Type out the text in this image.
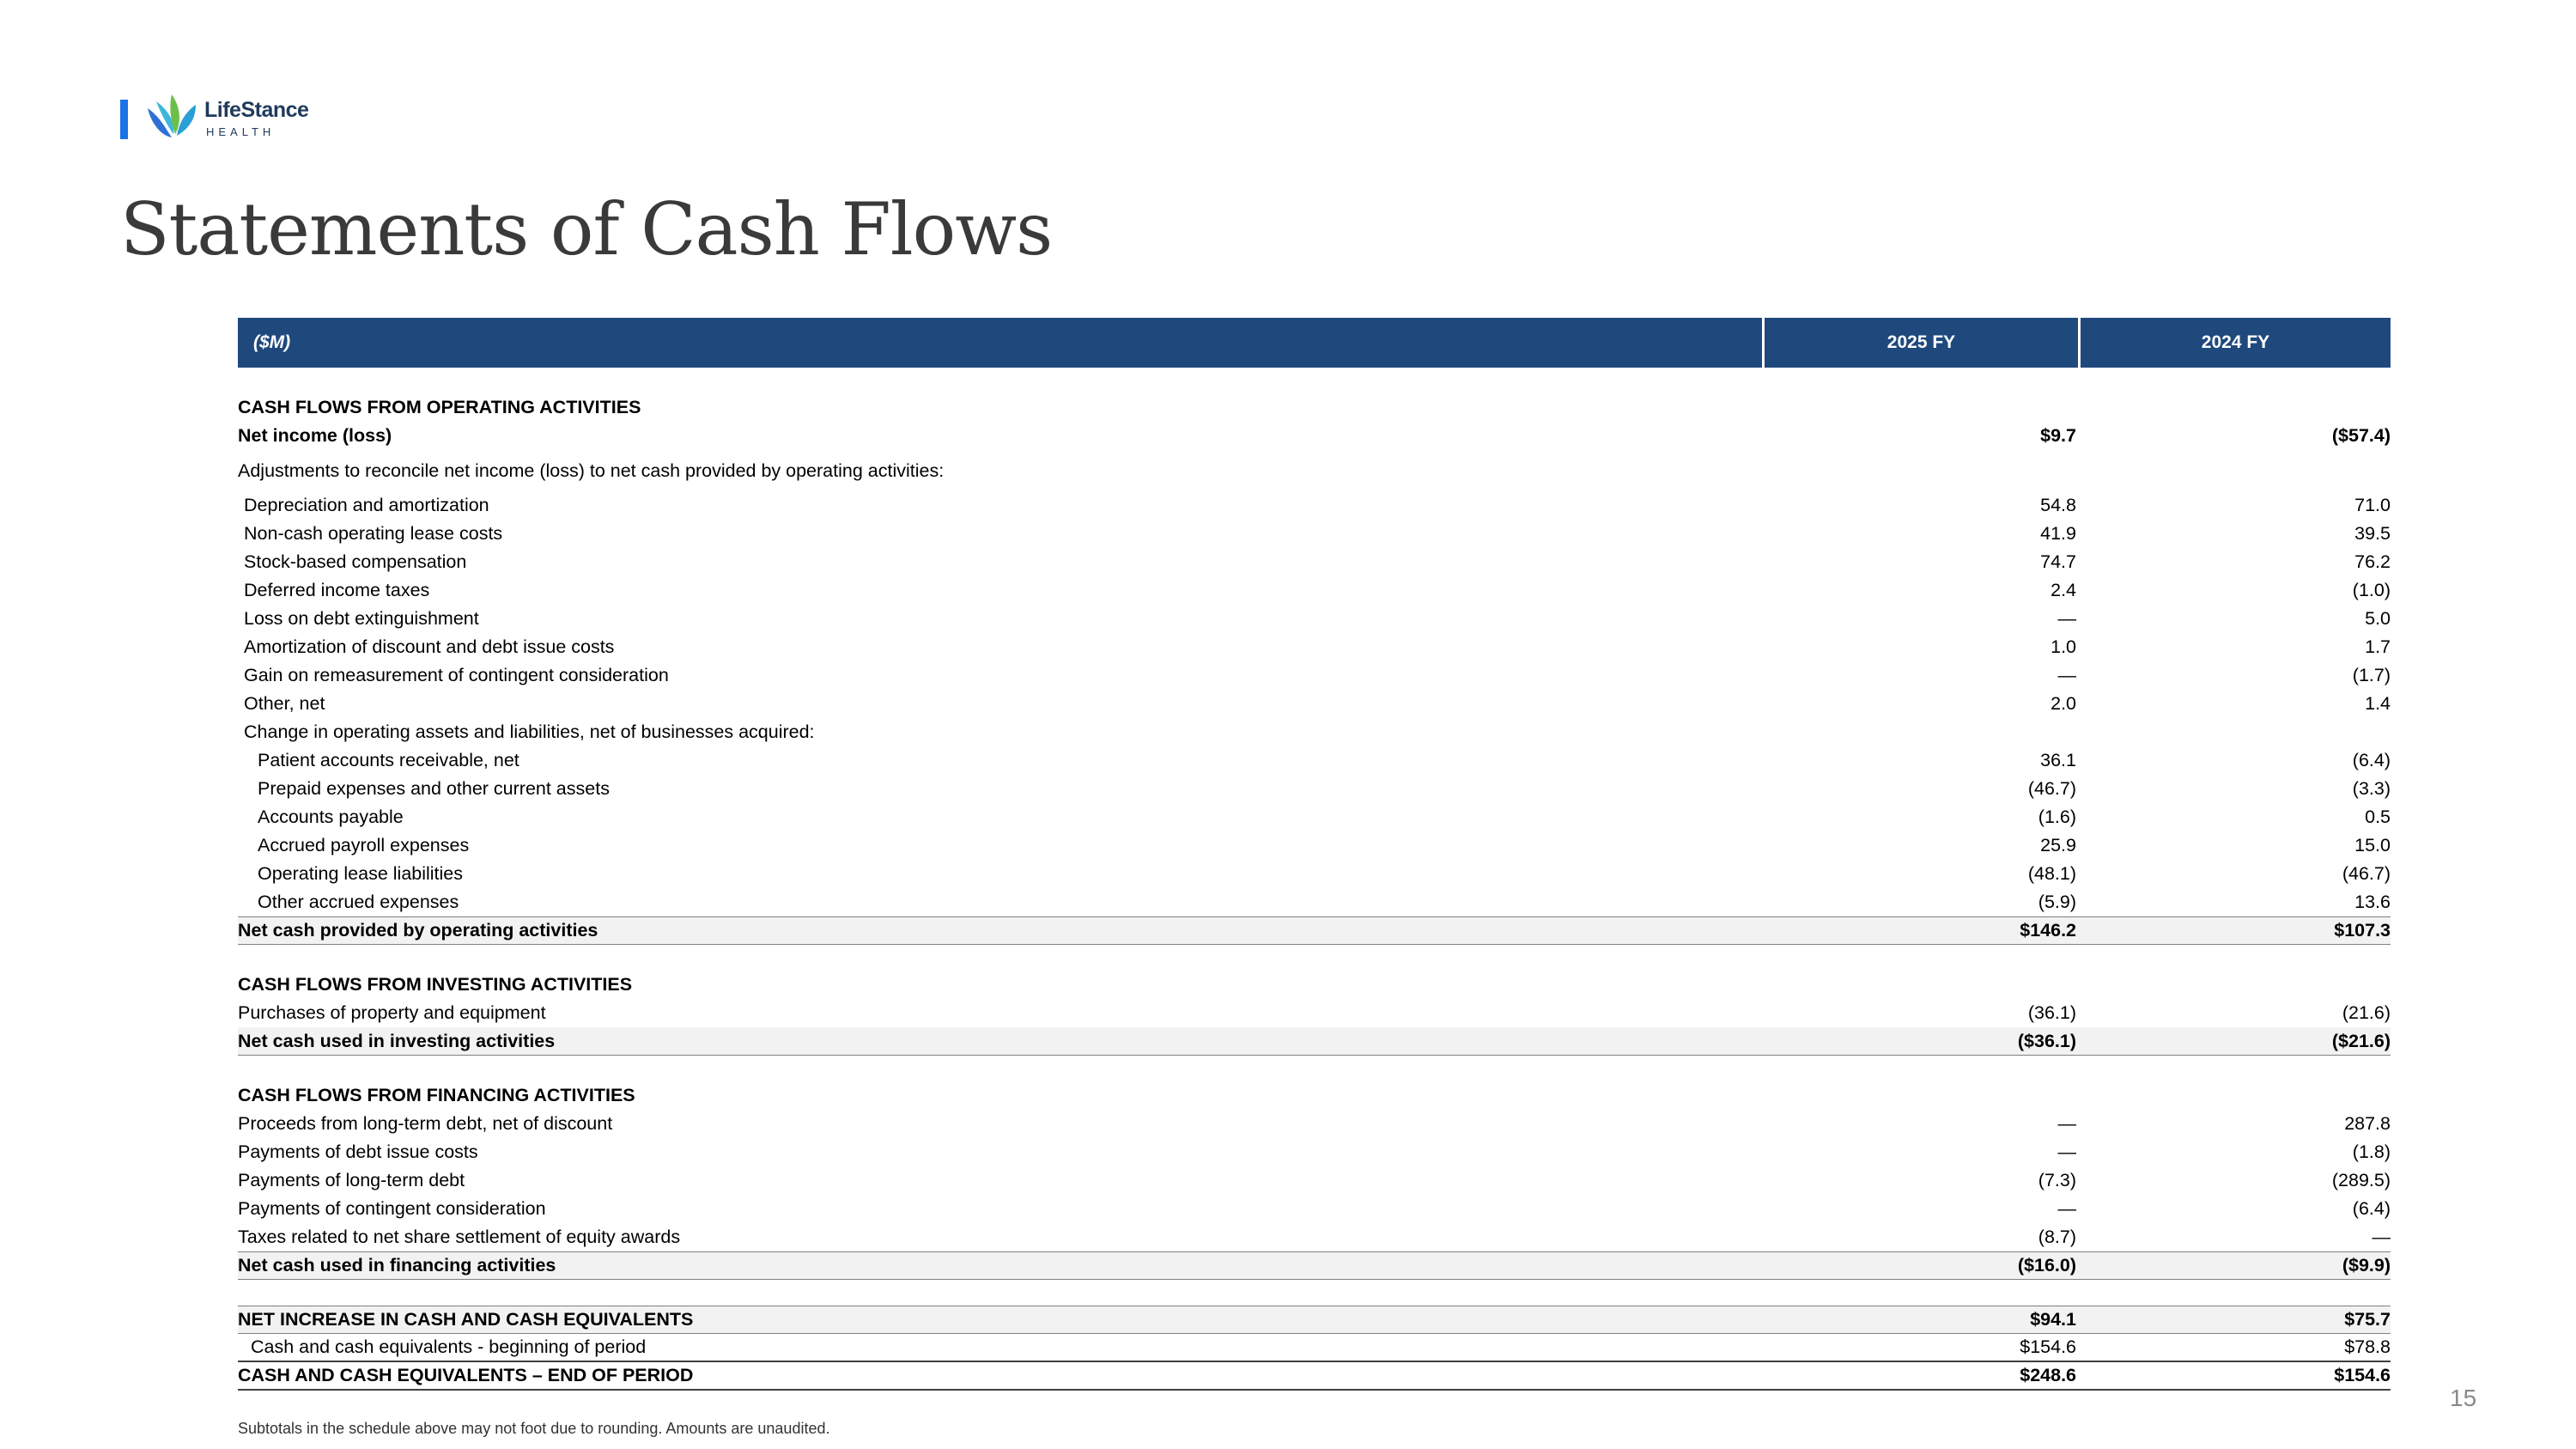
LifeStance
HEALTH
Statements of Cash Flows
($M)	2025 FY	2024 FY
CASH FLOWS FROM OPERATING ACTIVITIES
Net income (loss)	$9.7	($57.4)
Adjustments to reconcile net income (loss) to net cash provided by operating activities:
Depreciation and amortization	54.8	71.0
Non-cash operating lease costs	41.9	39.5
Stock-based compensation	74.7	76.2
Deferred income taxes	2.4	(1.0)
Loss on debt extinguishment	—	5.0
Amortization of discount and debt issue costs	1.0	1.7
Gain on remeasurement of contingent consideration	—	(1.7)
Other, net	2.0	1.4
Change in operating assets and liabilities, net of businesses acquired:
Patient accounts receivable, net	36.1	(6.4)
Prepaid expenses and other current assets	(46.7)	(3.3)
Accounts payable	(1.6)	0.5
Accrued payroll expenses	25.9	15.0
Operating lease liabilities	(48.1)	(46.7)
Other accrued expenses	(5.9)	13.6
Net cash provided by operating activities	$146.2	$107.3
CASH FLOWS FROM INVESTING ACTIVITIES
Purchases of property and equipment	(36.1)	(21.6)
Net cash used in investing activities	($36.1)	($21.6)
CASH FLOWS FROM FINANCING ACTIVITIES
Proceeds from long-term debt, net of discount	—	287.8
Payments of debt issue costs	—	(1.8)
Payments of long-term debt	(7.3)	(289.5)
Payments of contingent consideration	—	(6.4)
Taxes related to net share settlement of equity awards	(8.7)	—
Net cash used in financing activities	($16.0)	($9.9)
NET INCREASE IN CASH AND CASH EQUIVALENTS	$94.1	$75.7
Cash and cash equivalents - beginning of period	$154.6	$78.8
CASH AND CASH EQUIVALENTS – END OF PERIOD	$248.6	$154.6
Subtotals in the schedule above may not foot due to rounding. Amounts are unaudited.
15
